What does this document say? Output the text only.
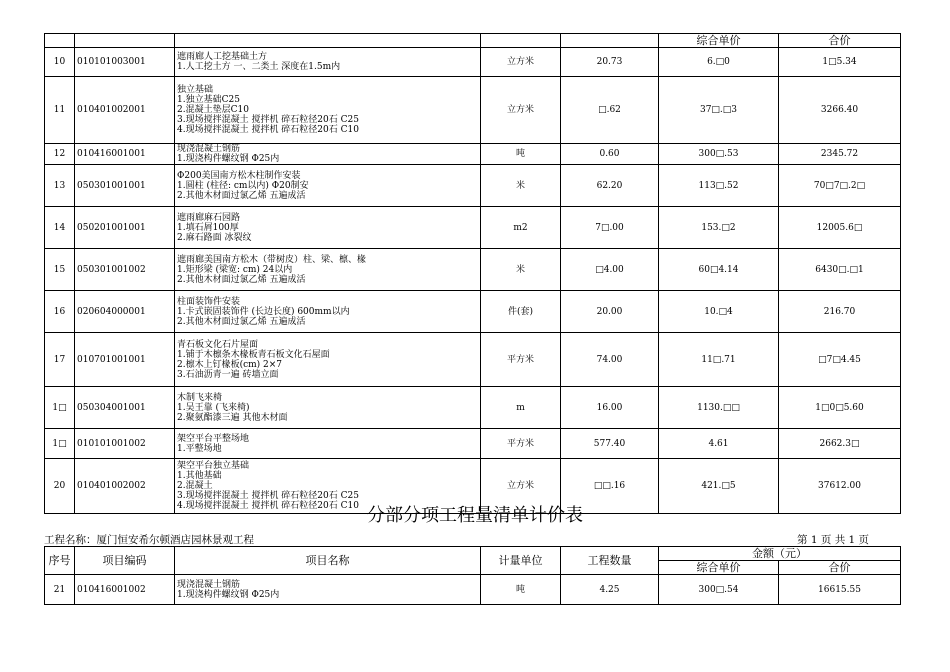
					综合单价	合价
10	010101003001	遮雨廊人工挖基础土方
1.人工挖土方 一、二类土 深度在1.5m内	立方米	20.73	6.□0	1□5.34
11	010401002001	独立基础
1.独立基础C25
2.混凝土垫层C10
3.现场搅拌混凝土 搅拌机 碎石粒径20石 C25
4.现场搅拌混凝土 搅拌机 碎石粒径20石 C10	立方米	□.62	37□.□3	3266.40
12	010416001001	现浇混凝土钢筋
1.现浇构件螺纹钢 Φ25内	吨	0.60	300□.53	2345.72
13	050301001001	Φ200美国南方松木柱制作安装
1.圆柱 (柱径: cm以内) Φ20制安
2.其他木材面过氯乙烯 五遍成活	米	62.20	113□.52	70□7□.2□
14	050201001001	遮雨廊麻石园路
1.填石屑100厚
2.麻石路面 冰裂纹	m2	7□.00	153.□2	12005.6□
15	050301001002	遮雨廊美国南方松木（带树皮）柱、梁、檩、椽
1.矩形梁 (梁宽: cm) 24以内
2.其他木材面过氯乙烯 五遍成活	米	□4.00	60□4.14	6430□.□1
16	020604000001	柱面装饰件安装
1.卡式嵌固装饰件 (长边长度) 600mm以内
2.其他木材面过氯乙烯 五遍成活	件(套)	20.00	10.□4	216.70
17	010701001001	青石板文化石片屋面
1.铺于木檩条木椽板青石板文化石屋面
2.檩木上钉椽板(cm) 2×7
3.石油沥青一遍 砖墙立面	平方米	74.00	11□.71	□7□4.45
1□	050304001001	木制飞来椅
1.吴王靠 (飞来椅)
2.聚氨酯漆三遍 其他木材面	m	16.00	1130.□□	1□0□5.60
1□	010101001002	架空平台平整场地
1.平整场地	平方米	577.40	4.61	2662.3□
20	010401002002	架空平台独立基础
1.其他基础
2.混凝土
3.现场搅拌混凝土 搅拌机 碎石粒径20石 C25
4.现场搅拌混凝土 搅拌机 碎石粒径20石 C10	立方米	□□.16	421.□5	37612.00
分部分项工程量清单计价表
工程名称：厦门恒安希尔顿酒店园林景观工程	第 1 页 共 1 页
序号	项目编码	项目名称	计量单位	工程数量	金额（元）	
					综合单价	合价
21	010416001002	现浇混凝土钢筋
1.现浇构件螺纹钢 Φ25内	吨	4.25	300□.54	16615.55
